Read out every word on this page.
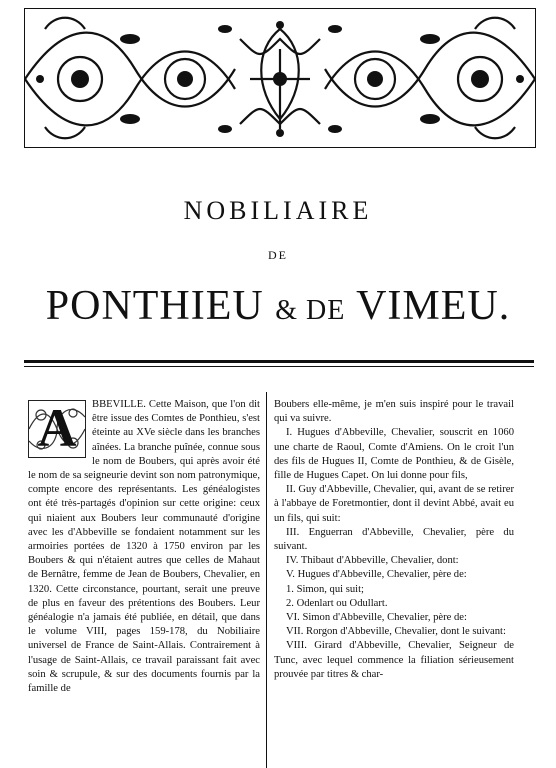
NOBILIAIRE
DE
PONTHIEU & DE VIMEU.
A	BBEVILLE. Cette Maison, que l'on dit être issue des Comtes de Ponthieu, s'est éteinte au XVe siècle dans les branches aînées. La branche puînée, connue sous le nom de Boubers, qui après avoir été le nom de sa seigneurie devint son nom patronymique, compte encore des représentants. Les généalogistes ont été très-partagés d'opinion sur cette origine: ceux qui niaient aux Boubers leur communauté d'origine avec les d'Abbeville se fondaient notamment sur les armoiries portées de 1320 à 1750 environ par les Boubers & qui n'étaient autres que celles de Mahaut de Bernâtre, femme de Jean de Boubers, Chevalier, en 1320. Cette circonstance, pourtant, serait une preuve de plus en faveur des prétentions des Boubers. Leur généalogie n'a jamais été publiée, en détail, que dans le volume VIII, pages 159-178, du Nobiliaire universel de France de Saint-Allais. Contrairement à l'usage de Saint-Allais, ce travail paraissant fait avec soin & scrupule, & sur des documents fournis par la famille de

Boubers elle-même, je m'en suis inspiré pour le travail qui va suivre.

I. Hugues d'Abbeville, Chevalier, souscrit en 1060 une charte de Raoul, Comte d'Amiens. On le croit l'un des fils de Hugues II, Comte de Ponthieu, & de Gisèle, fille de Hugues Capet. On lui donne pour fils,

II. Guy d'Abbeville, Chevalier, qui, avant de se retirer à l'abbaye de Foretmontier, dont il devint Abbé, avait eu un fils, qui suit:

III. Enguerran d'Abbeville, Chevalier, père du suivant.

IV. Thibaut d'Abbeville, Chevalier, dont:

V. Hugues d'Abbeville, Chevalier, père de:

1. Simon, qui suit;

2. Odenlart ou Odullart.

VI. Simon d'Abbeville, Chevalier, père de:

VII. Rorgon d'Abbeville, Chevalier, dont le suivant:

VIII. Girard d'Abbeville, Chevalier, Seigneur de Tunc, avec lequel commence la filiation sérieusement prouvée par titres & char-
